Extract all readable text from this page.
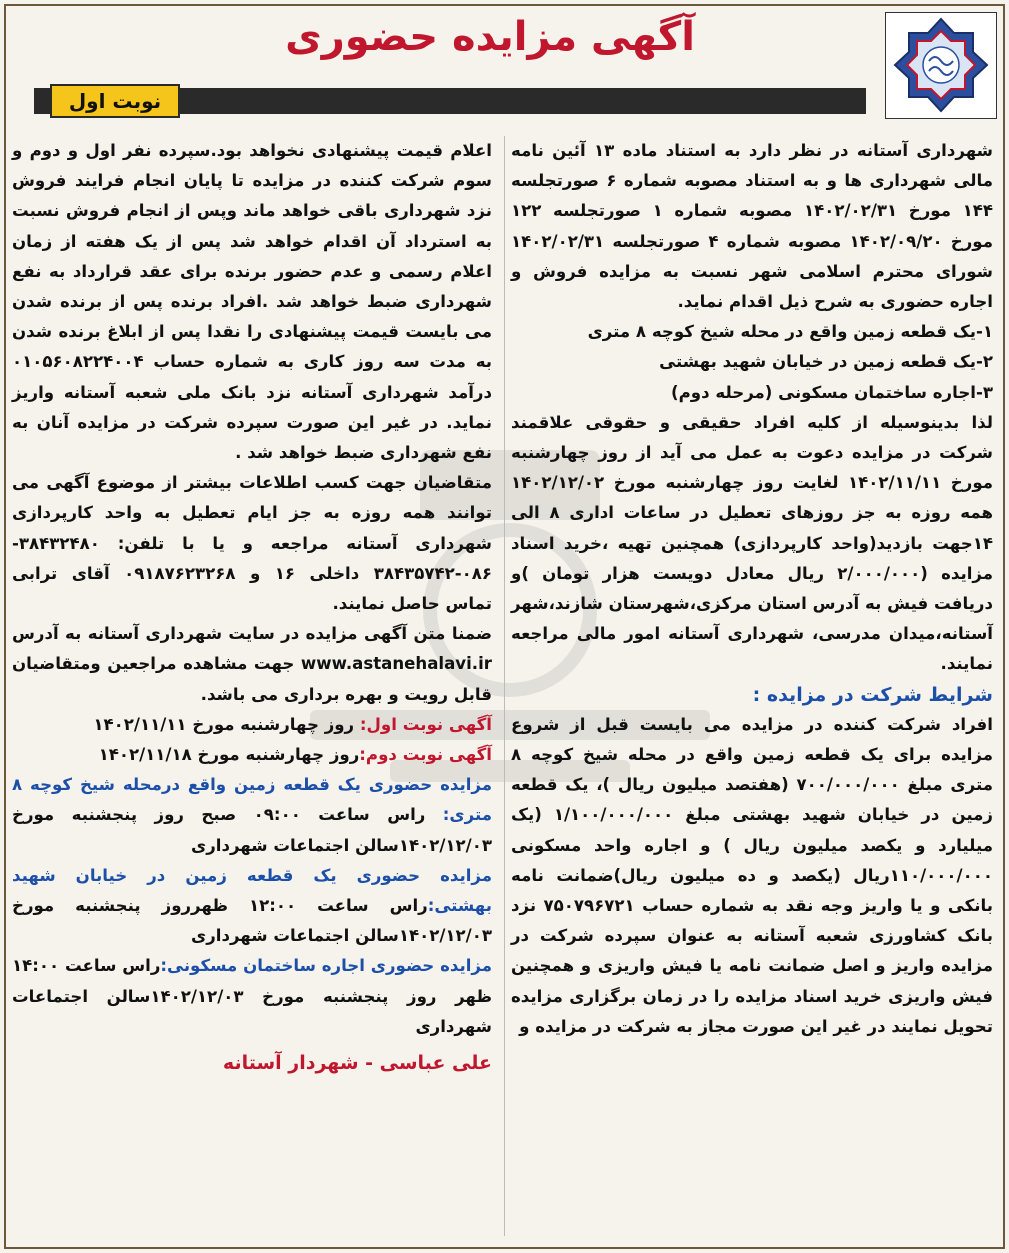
آگهی مزایده حضوری
نوبت اول

شهرداری آستانه در نظر دارد به استناد ماده ۱۳ آئین نامه مالی شهرداری ها و به استناد مصوبه شماره ۶ صورتجلسه ۱۴۴ مورخ ۱۴۰۲/۰۲/۳۱ مصوبه شماره ۱ صورتجلسه ۱۲۲ مورخ ۱۴۰۲/۰۹/۲۰ مصوبه شماره ۴ صورتجلسه ۱۴۰۲/۰۲/۳۱ شورای محترم اسلامی شهر نسبت به مزایده فروش و اجاره حضوری به شرح ذیل اقدام نماید.

۱-یک قطعه زمین واقع در محله شیخ کوچه ۸ متری

۲-یک قطعه زمین در خیابان شهید بهشتی

۳-اجاره ساختمان مسکونی (مرحله دوم)

لذا بدینوسیله از کلیه افراد حقیقی و حقوقی علاقمند شرکت در مزایده دعوت به عمل می آید از روز چهارشنبه مورخ ۱۴۰۲/۱۱/۱۱ لغایت روز چهارشنبه مورخ ۱۴۰۲/۱۲/۰۲ همه روزه به جز روزهای تعطیل در ساعات اداری ۸ الی ۱۴جهت بازدید(واحد کارپردازی) همچنین تهیه ،خرید اسناد مزایده (۲/۰۰۰/۰۰۰ ریال معادل دویست هزار تومان )و دریافت فیش به آدرس استان مرکزی،شهرستان شازند،شهر آستانه،میدان مدرسی، شهرداری آستانه امور مالی مراجعه نمایند.

شرایط شرکت در مزایده :

افراد شرکت کننده در مزایده می بایست قبل از شروع مزایده برای یک قطعه زمین واقع در محله شیخ کوچه ۸ متری مبلغ ۷۰۰/۰۰۰/۰۰۰ (هفتصد میلیون ریال )، یک قطعه زمین در خیابان شهید بهشتی مبلغ ۱/۱۰۰/۰۰۰/۰۰۰ (یک میلیارد و یکصد میلیون ریال ) و اجاره واحد مسکونی ۱۱۰/۰۰۰/۰۰۰ریال (یکصد و ده میلیون ریال)ضمانت نامه بانکی و یا واریز وجه نقد به شماره حساب ۷۵۰۷۹۶۷۲۱ نزد بانک کشاورزی شعبه آستانه به عنوان سپرده شرکت در مزایده واریز و اصل ضمانت نامه یا فیش واریزی و همچنین فیش واریزی خرید اسناد مزایده را در زمان برگزاری مزایده تحویل نمایند در غیر این صورت مجاز به شرکت در مزایده و

اعلام قیمت پیشنهادی نخواهد بود.سپرده نفر اول و دوم و سوم شرکت کننده در مزایده تا پایان انجام فرایند فروش نزد شهرداری باقی خواهد ماند وپس از انجام فروش نسبت به استرداد آن اقدام خواهد شد پس از یک هفته از زمان اعلام رسمی و عدم حضور برنده برای عقد قرارداد به نفع شهرداری ضبط خواهد شد .افراد برنده پس از برنده شدن می بایست قیمت پیشنهادی را نقدا پس از ابلاغ برنده شدن به مدت سه روز کاری به شماره حساب ۰۱۰۵۶۰۸۲۲۴۰۰۴ درآمد شهرداری آستانه نزد بانک ملی شعبه آستانه واریز نماید. در غیر این صورت سپرده شرکت در مزایده آنان به نفع شهرداری ضبط خواهد شد .

متقاضیان جهت کسب اطلاعات بیشتر از موضوع آگهی می توانند همه روزه به جز ایام تعطیل به واحد کارپردازی شهرداری آستانه مراجعه و یا با تلفن: ۳۸۴۳۲۴۸۰- ۰۸۶-۳۸۴۳۵۷۴۲ داخلی ۱۶ و ۰۹۱۸۷۶۲۳۲۶۸ آقای ترابی تماس حاصل نمایند.

ضمنا متن آگهی مزایده در سایت شهرداری آستانه به آدرس www.astanehalavi.ir جهت مشاهده مراجعین ومتقاضیان قابل رویت و بهره برداری می باشد.

آگهی نوبت اول: روز چهارشنبه مورخ ۱۴۰۲/۱۱/۱۱

آگهی نوبت دوم:روز چهارشنبه مورخ ۱۴۰۲/۱۱/۱۸

مزایده حضوری یک قطعه زمین واقع درمحله شیخ کوچه ۸ متری: راس ساعت ۰۹:۰۰ صبح روز پنجشنبه مورخ ۱۴۰۲/۱۲/۰۳سالن اجتماعات شهرداری

مزایده حضوری یک قطعه زمین در خیابان شهید بهشتی:راس ساعت ۱۲:۰۰ ظهرروز پنجشنبه مورخ ۱۴۰۲/۱۲/۰۳سالن اجتماعات شهرداری

مزایده حضوری اجاره ساختمان مسکونی:راس ساعت ۱۴:۰۰ ظهر روز پنجشنبه مورخ ۱۴۰۲/۱۲/۰۳سالن اجتماعات شهرداری

علی عباسی - شهردار آستانه
